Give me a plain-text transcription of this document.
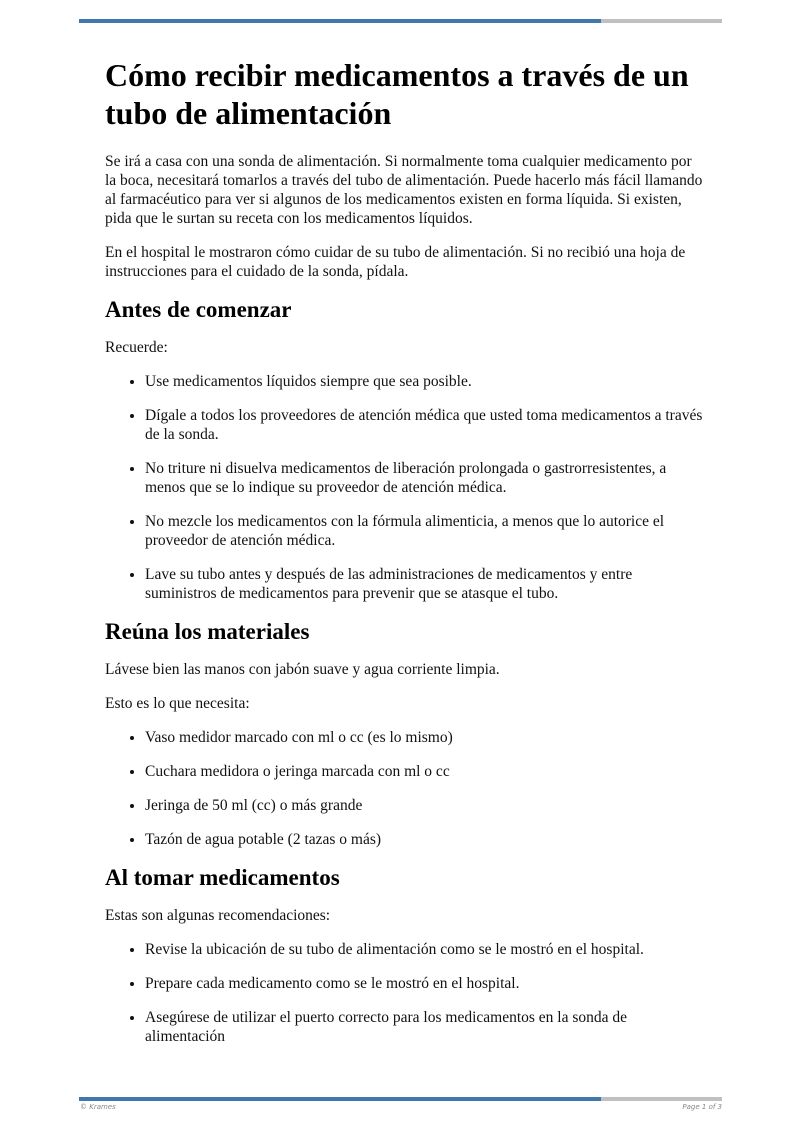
Cómo recibir medicamentos a través de un tubo de alimentación

Se irá a casa con una sonda de alimentación. Si normalmente toma cualquier medicamento por la boca, necesitará tomarlos a través del tubo de alimentación. Puede hacerlo más fácil llamando al farmacéutico para ver si algunos de los medicamentos existen en forma líquida. Si existen, pida que le surtan su receta con los medicamentos líquidos.

En el hospital le mostraron cómo cuidar de su tubo de alimentación. Si no recibió una hoja de instrucciones para el cuidado de la sonda, pídala.

Antes de comenzar

Recuerde:

• Use medicamentos líquidos siempre que sea posible.
• Dígale a todos los proveedores de atención médica que usted toma medicamentos a través de la sonda.
• No triture ni disuelva medicamentos de liberación prolongada o gastrorresistentes, a menos que se lo indique su proveedor de atención médica.
• No mezcle los medicamentos con la fórmula alimenticia, a menos que lo autorice el proveedor de atención médica.
• Lave su tubo antes y después de las administraciones de medicamentos y entre suministros de medicamentos para prevenir que se atasque el tubo.
Reúna los materiales

Lávese bien las manos con jabón suave y agua corriente limpia.

Esto es lo que necesita:

• Vaso medidor marcado con ml o cc (es lo mismo)
• Cuchara medidora o jeringa marcada con ml o cc
• Jeringa de 50 ml (cc) o más grande
• Tazón de agua potable (2 tazas o más)
Al tomar medicamentos

Estas son algunas recomendaciones:

• Revise la ubicación de su tubo de alimentación como se le mostró en el hospital.
• Prepare cada medicamento como se le mostró en el hospital.
• Asegúrese de utilizar el puerto correcto para los medicamentos en la sonda de alimentación
© Krames	Page 1 of 3
